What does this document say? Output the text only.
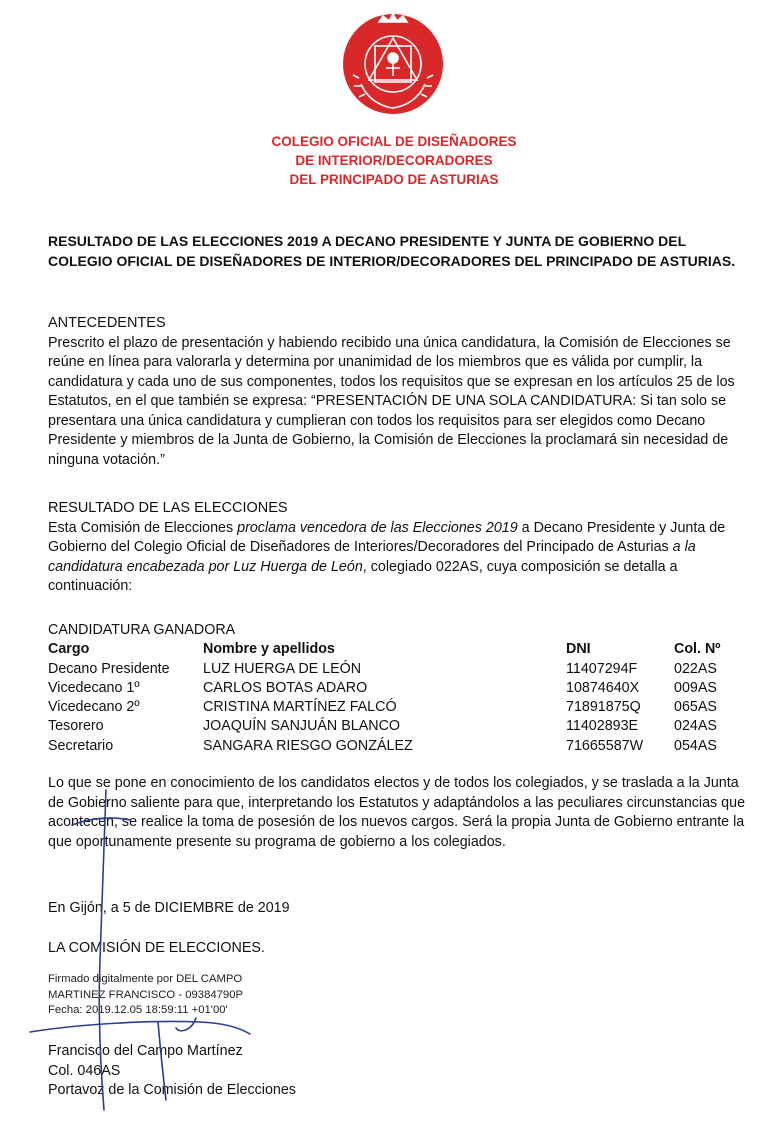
COLEGIO OFICIAL DE DISEÑADORES
DE INTERIOR/DECORADORES
DEL PRINCIPADO DE ASTURIAS
RESULTADO DE LAS ELECCIONES 2019 A DECANO PRESIDENTE Y JUNTA DE GOBIERNO DEL COLEGIO OFICIAL DE DISEÑADORES DE INTERIOR/DECORADORES DEL PRINCIPADO DE ASTURIAS.
ANTECEDENTES

Prescrito el plazo de presentación y habiendo recibido una única candidatura, la Comisión de Elecciones se reúne en línea para valorarla y determina por unanimidad de los miembros que es válida por cumplir, la candidatura y cada uno de sus componentes, todos los requisitos que se expresan en los artículos 25 de los Estatutos, en el que también se expresa: “PRESENTACIÓN DE UNA SOLA CANDIDATURA: Si tan solo se presentara una única candidatura y cumplieran con todos los requisitos para ser elegidos como Decano Presidente y miembros de la Junta de Gobierno, la Comisión de Elecciones la proclamará sin necesidad de ninguna votación.”

RESULTADO DE LAS ELECCIONES

Esta Comisión de Elecciones proclama vencedora de las Elecciones 2019 a Decano Presidente y Junta de Gobierno del Colegio Oficial de Diseñadores de Interiores/Decoradores del Principado de Asturias a la candidatura encabezada por Luz Huerga de León, colegiado 022AS, cuya composición se detalla a continuación:

CANDIDATURA GANADORA
Cargo	Nombre y apellidos	DNI	Col. Nº
Decano Presidente LUZ HUERGA DE LEÓN	11407294F	022AS
Vicedecano 1º	CARLOS BOTAS ADARO	10874640X 009AS
Vicedecano 2º	CRISTINA MARTÍNEZ FALCÓ	71891875Q 065AS
Tesorero	JOAQUÍN SANJUÁN BLANCO	11402893E	024AS
Secretario	SANGARA RIESGO GONZÁLEZ	71665587W 054AS
Lo que se pone en conocimiento de los candidatos electos y de todos los colegiados, y se traslada a la Junta de Gobierno saliente para que, interpretando los Estatutos y adaptándolos a las peculiares circunstancias que acontecen, se realice la toma de posesión de los nuevos cargos. Será la propia Junta de Gobierno entrante la que oportunamente presente su programa de gobierno a los colegiados.
En Gijón, a 5 de DICIEMBRE de 2019
LA COMISIÓN DE ELECCIONES.
Firmado digitalmente por DEL CAMPO
MARTINEZ FRANCISCO - 09384790P
Fecha: 2019.12.05 18:59:11 +01'00'
Francisco del Campo Martínez
Col. 046AS
Portavoz de la Comisión de Elecciones
